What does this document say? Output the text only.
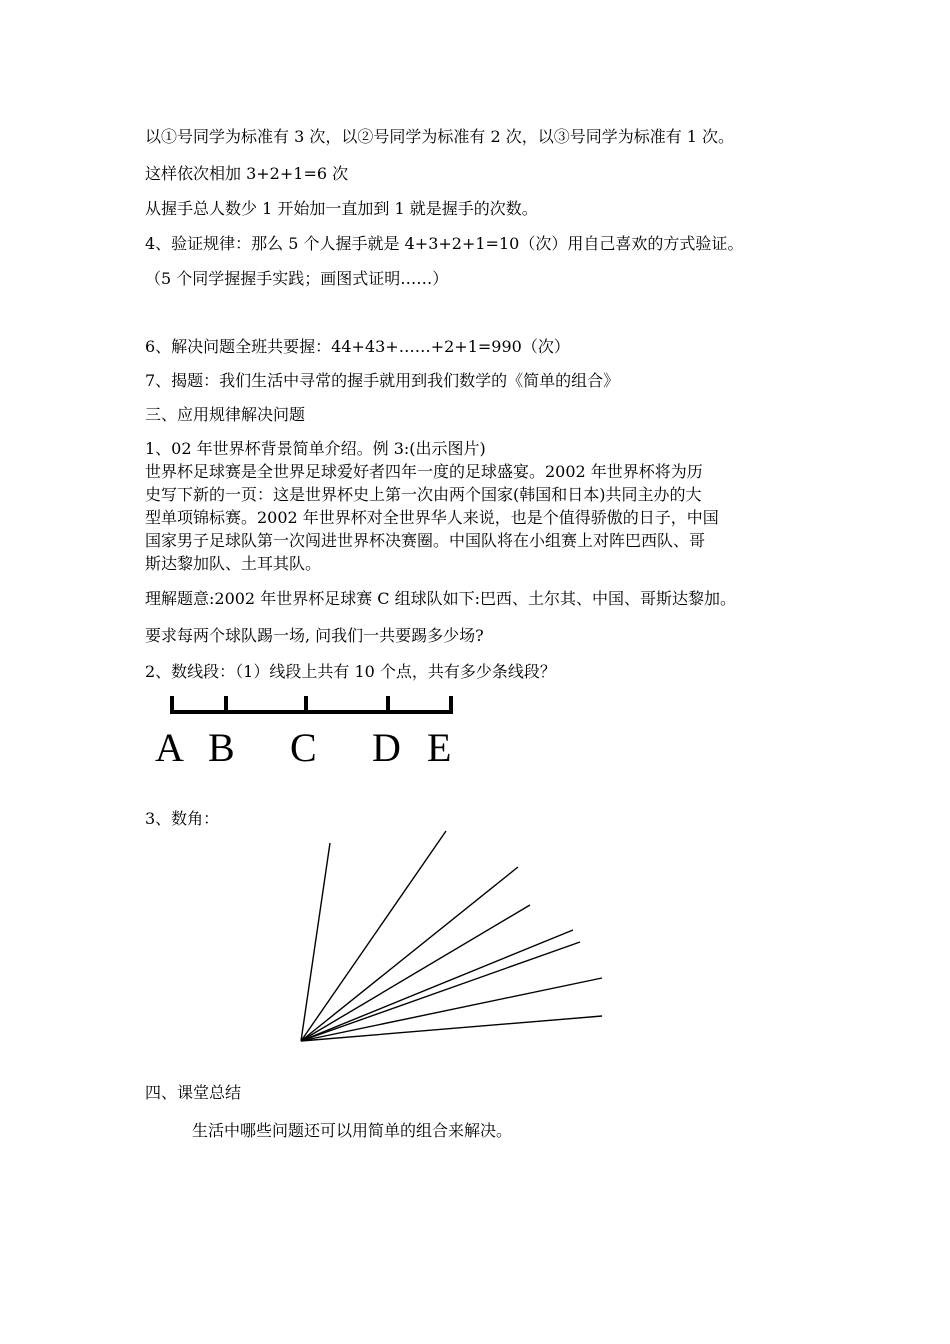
以①号同学为标准有 3 次，以②号同学为标准有 2 次，以③号同学为标准有 1 次。
这样依次相加 3+2+1=6 次
从握手总人数少 1 开始加一直加到 1 就是握手的次数。
4、验证规律：那么 5 个人握手就是 4+3+2+1=10（次）用自己喜欢的方式验证。
（5 个同学握握手实践；画图式证明……）
6、解决问题全班共要握：44+43+……+2+1=990（次）
7、揭题：我们生活中寻常的握手就用到我们数学的《简单的组合》
三、应用规律解决问题
1、02 年世界杯背景简单介绍。例 3:(出示图片)
世界杯足球赛是全世界足球爱好者四年一度的足球盛宴。2002 年世界杯将为历
史写下新的一页：这是世界杯史上第一次由两个国家(韩国和日本)共同主办的大
型单项锦标赛。2002 年世界杯对全世界华人来说，也是个值得骄傲的日子，中国
国家男子足球队第一次闯进世界杯决赛圈。中国队将在小组赛上对阵巴西队、哥
斯达黎加队、土耳其队。
理解题意:2002 年世界杯足球赛 C 组球队如下:巴西、土尔其、中国、哥斯达黎加。
要求每两个球队踢一场, 问我们一共要踢多少场?
2、数线段：（1）线段上共有 10 个点，共有多少条线段？
A B C D E
3、数角：
四、课堂总结
生活中哪些问题还可以用简单的组合来解决。
